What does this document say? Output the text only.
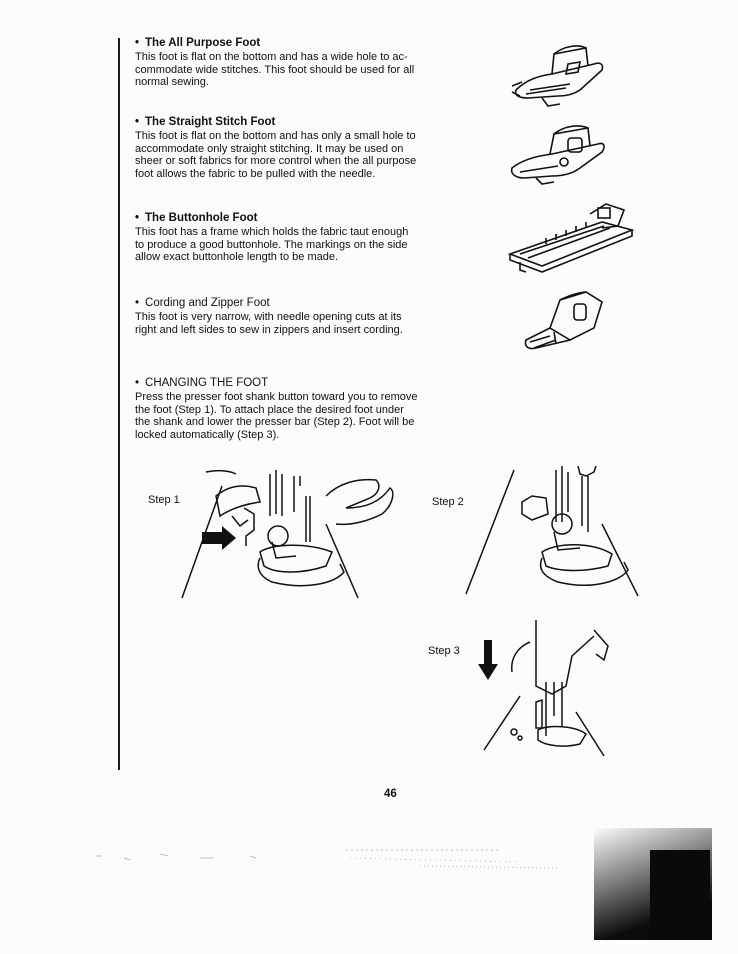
• The All Purpose Foot
This foot is flat on the bottom and has a wide hole to ac-
commodate wide stitches. This foot should be used for all
normal sewing.
• The Straight Stitch Foot
This foot is flat on the bottom and has only a small hole to
accommodate only straight stitching. It may be used on
sheer or soft fabrics for more control when the all purpose
foot allows the fabric to be pulled with the needle.
• The Buttonhole Foot
This foot has a frame which holds the fabric taut enough
to produce a good buttonhole. The markings on the side
allow exact buttonhole length to be made.
• Cording and Zipper Foot
This foot is very narrow, with needle opening cuts at its
right and left sides to sew in zippers and insert cording.
• CHANGING THE FOOT
Press the presser foot shank button toward you to remove
the foot (Step 1). To attach place the desired foot under
the shank and lower the presser bar (Step 2). Foot will be
locked automatically (Step 3).
Step 1	Step 2
Step 3
46
